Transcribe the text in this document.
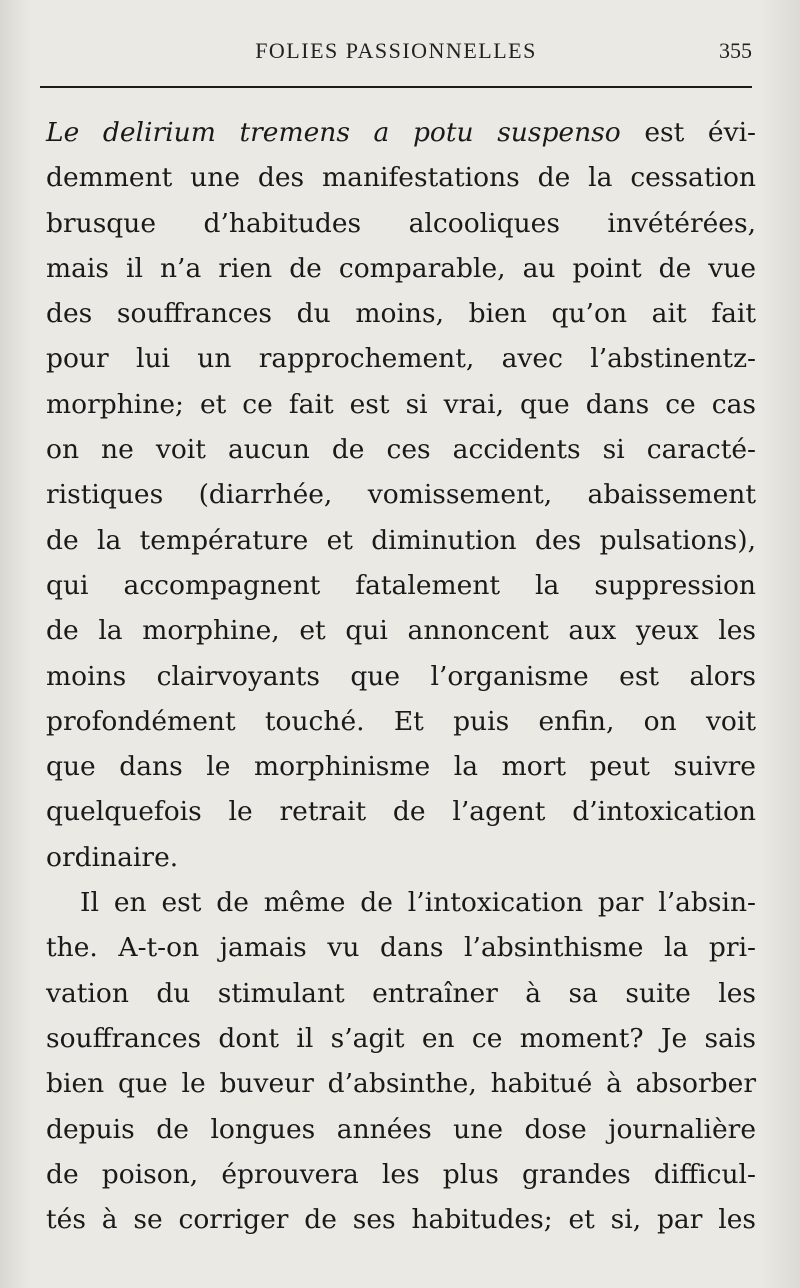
FOLIES PASSIONNELLES	355
Le delirium tremens a potu suspenso est évi-
demment une des manifestations de la cessation
brusque d’habitudes alcooliques invétérées,
mais il n’a rien de comparable, au point de vue
des souffrances du moins, bien qu’on ait fait
pour lui un rapprochement, avec l’abstinentz-
morphine; et ce fait est si vrai, que dans ce cas
on ne voit aucun de ces accidents si caracté-
ristiques (diarrhée, vomissement, abaissement
de la température et diminution des pulsations),
qui accompagnent fatalement la suppression
de la morphine, et qui annoncent aux yeux les
moins clairvoyants que l’organisme est alors
profondément touché. Et puis enfin, on voit
que dans le morphinisme la mort peut suivre
quelquefois le retrait de l’agent d’intoxication
ordinaire.
Il en est de même de l’intoxication par l’absin-
the. A-t-on jamais vu dans l’absinthisme la pri-
vation du stimulant entraîner à sa suite les
souffrances dont il s’agit en ce moment? Je sais
bien que le buveur d’absinthe, habitué à absorber
depuis de longues années une dose journalière
de poison, éprouvera les plus grandes difficul-
tés à se corriger de ses habitudes; et si, par les
